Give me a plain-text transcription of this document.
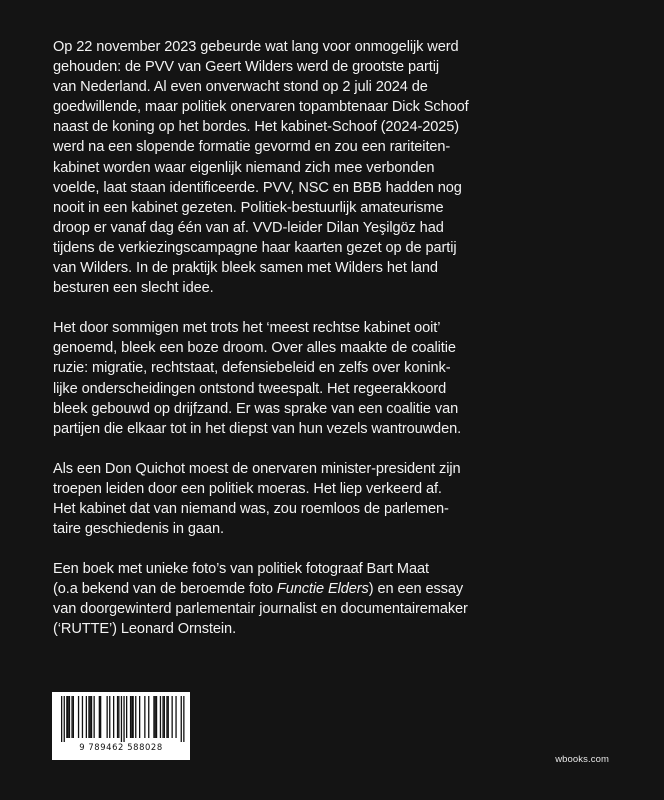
Op 22 november 2023 gebeurde wat lang voor onmogelijk werd
gehouden: de PVV van Geert Wilders werd de grootste partij
van Nederland. Al even onverwacht stond op 2 juli 2024 de
goedwillende, maar politiek onervaren topambtenaar Dick Schoof
naast de koning op het bordes. Het kabinet-Schoof (2024-2025)
werd na een slopende formatie gevormd en zou een rariteiten-
kabinet worden waar eigenlijk niemand zich mee verbonden
voelde, laat staan identificeerde. PVV, NSC en BBB hadden nog
nooit in een kabinet gezeten. Politiek-bestuurlijk amateurisme
droop er vanaf dag één van af. VVD-leider Dilan Yeşilgöz had
tijdens de verkiezingscampagne haar kaarten gezet op de partij
van Wilders. In de praktijk bleek samen met Wilders het land
besturen een slecht idee.

Het door sommigen met trots het ‘meest rechtse kabinet ooit’
genoemd, bleek een boze droom. Over alles maakte de coalitie
ruzie: migratie, rechtstaat, defensiebeleid en zelfs over konink-
lijke onderscheidingen ontstond tweespalt. Het regeerakkoord
bleek gebouwd op drijfzand. Er was sprake van een coalitie van
partijen die elkaar tot in het diepst van hun vezels wantrouwden.

Als een Don Quichot moest de onervaren minister-president zijn
troepen leiden door een politiek moeras. Het liep verkeerd af.
Het kabinet dat van niemand was, zou roemloos de parlemen-
taire geschiedenis in gaan.

Een boek met unieke foto’s van politiek fotograaf Bart Maat
(o.a bekend van de beroemde foto Functie Elders) en een essay
van doorgewinterd parlementair journalist en documentairemaker
(‘RUTTE’) Leonard Ornstein.

9 789462 588028
wbooks.com
